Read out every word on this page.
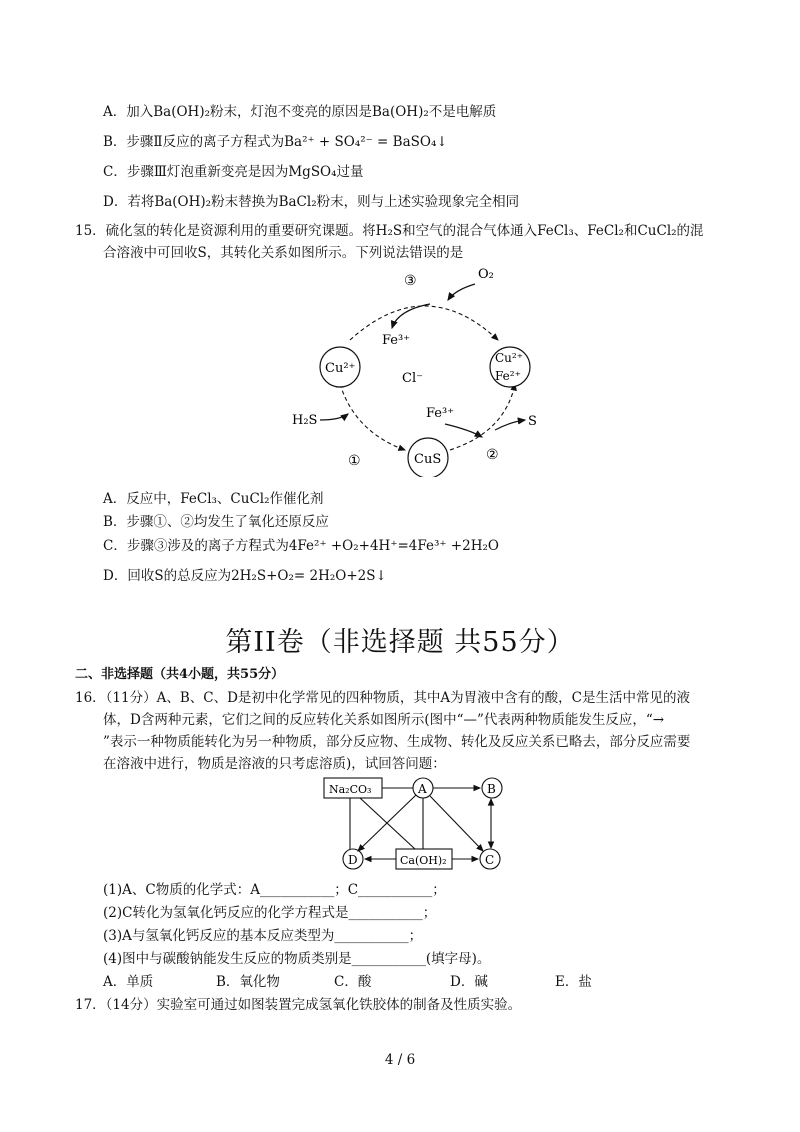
A．加入Ba(OH)₂粉末，灯泡不变亮的原因是Ba(OH)₂不是电解质
B．步骤Ⅱ反应的离子方程式为Ba²⁺ + SO₄²⁻ = BaSO₄↓
C．步骤Ⅲ灯泡重新变亮是因为MgSO₄过量
D．若将Ba(OH)₂粉末替换为BaCl₂粉末，则与上述实验现象完全相同
15．硫化氢的转化是资源利用的重要研究课题。将H₂S和空气的混合气体通入FeCl₃、FeCl₂和CuCl₂的混
合溶液中可回收S，其转化关系如图所示。下列说法错误的是
③	O₂
Fe³⁺
Cu²⁺
Cl⁻
Cu²⁺
Fe²⁺
H₂S	Fe³⁺
S
①	CuS	②
A．反应中，FeCl₃、CuCl₂作催化剂
B．步骤①、②均发生了氧化还原反应
C．步骤③涉及的离子方程式为4Fe²⁺ +O₂+4H⁺=4Fe³⁺ +2H₂O
D．回收S的总反应为2H₂S+O₂= 2H₂O+2S↓
第II卷（非选择题 共55分）
二、非选择题（共4小题，共55分）
16．（11分）A、B、C、D是初中化学常见的四种物质，其中A为胃液中含有的酸，C是生活中常见的液
体，D含两种元素，它们之间的反应转化关系如图所示(图中“—”代表两种物质能发生反应，“→
”表示一种物质能转化为另一种物质，部分反应物、生成物、转化及反应关系已略去，部分反应需要
在溶液中进行，物质是溶液的只考虑溶质)，试回答问题：
Na₂CO₃	A	B
D	Ca(OH)₂	C
(1)A、C物质的化学式：A___________；C___________；
(2)C转化为氢氧化钙反应的化学方程式是___________；
(3)A与氢氧化钙反应的基本反应类型为___________；
(4)图中与碳酸钠能发生反应的物质类别是___________(填字母)。
A．单质	B．氧化物	C．酸	D．碱	E．盐
17．（14分）实验室可通过如图装置完成氢氧化铁胶体的制备及性质实验。
4 / 6
